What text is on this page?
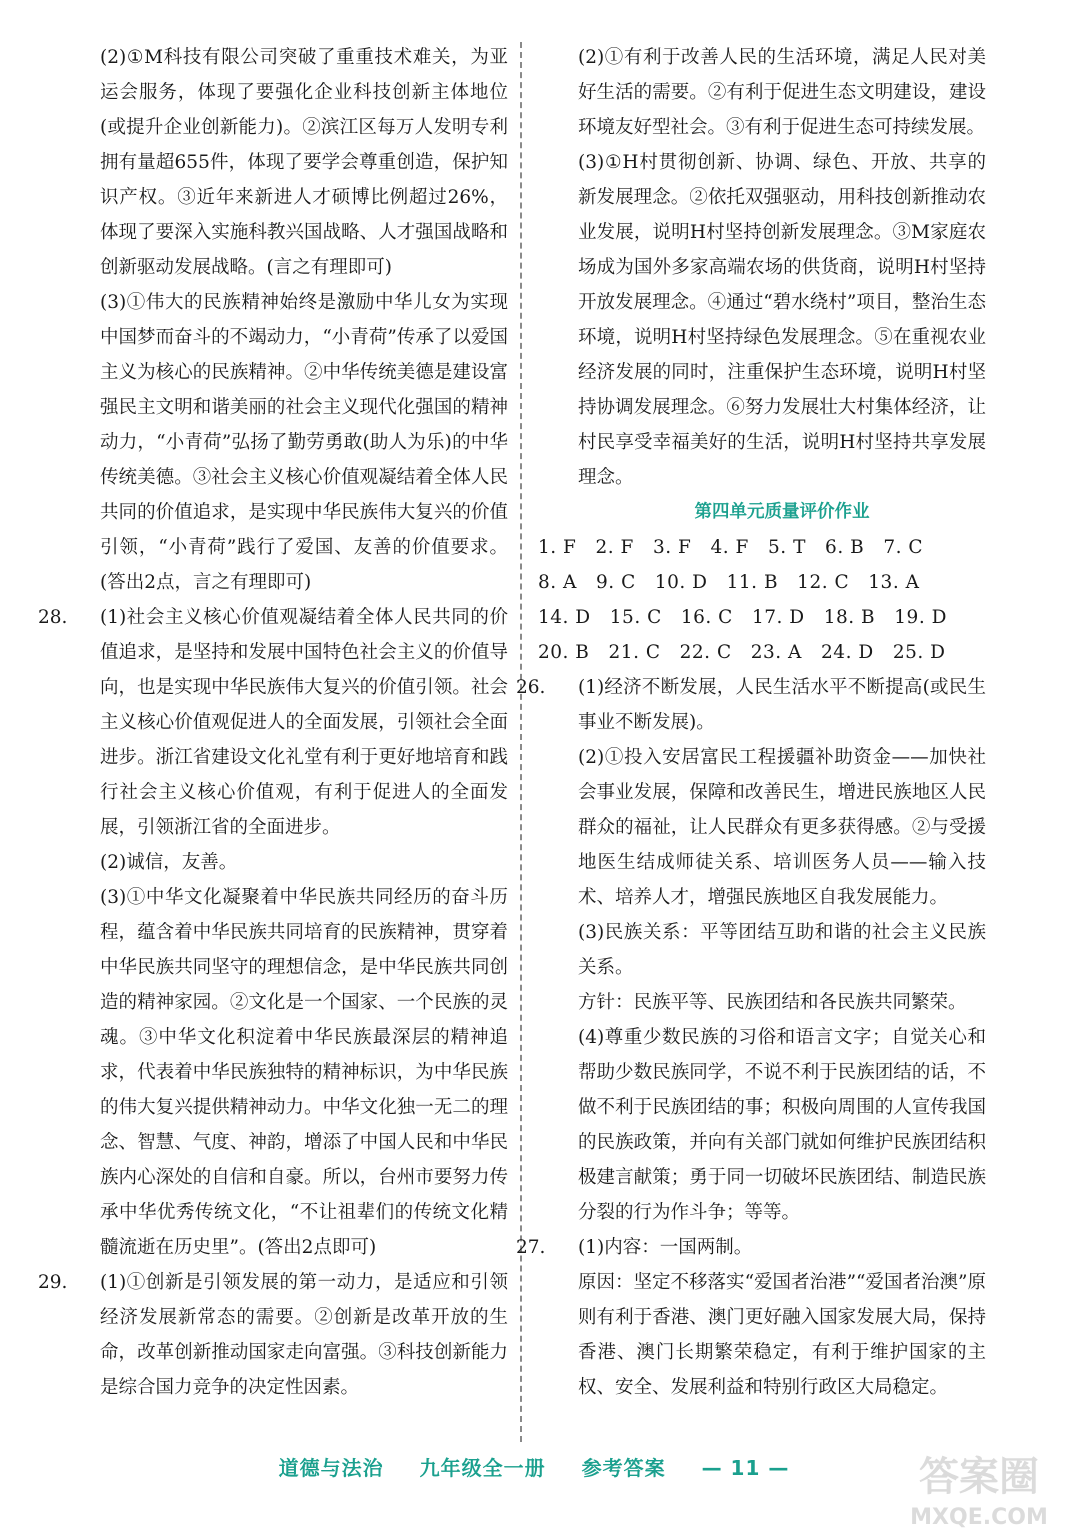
(2)①M科技有限公司突破了重重技术难关，为亚运会服务，体现了要强化企业科技创新主体地位(或提升企业创新能力)。②滨江区每万人发明专利拥有量超655件，体现了要学会尊重创造，保护知识产权。③近年来新进人才硕博比例超过26%，体现了要深入实施科教兴国战略、人才强国战略和创新驱动发展战略。(言之有理即可)

(3)①伟大的民族精神始终是激励中华儿女为实现中国梦而奋斗的不竭动力，“小青荷”传承了以爱国主义为核心的民族精神。②中华传统美德是建设富强民主文明和谐美丽的社会主义现代化强国的精神动力，“小青荷”弘扬了勤劳勇敢(助人为乐)的中华传统美德。③社会主义核心价值观凝结着全体人民共同的价值追求，是实现中华民族伟大复兴的价值引领，“小青荷”践行了爱国、友善的价值要求。(答出2点，言之有理即可)

28.	(1)社会主义核心价值观凝结着全体人民共同的价值追求，是坚持和发展中国特色社会主义的价值导向，也是实现中华民族伟大复兴的价值引领。社会主义核心价值观促进人的全面发展，引领社会全面进步。浙江省建设文化礼堂有利于更好地培育和践行社会主义核心价值观，有利于促进人的全面发展，引领浙江省的全面进步。

(2)诚信，友善。

(3)①中华文化凝聚着中华民族共同经历的奋斗历程，蕴含着中华民族共同培育的民族精神，贯穿着中华民族共同坚守的理想信念，是中华民族共同创造的精神家园。②文化是一个国家、一个民族的灵魂。③中华文化积淀着中华民族最深层的精神追求，代表着中华民族独特的精神标识，为中华民族的伟大复兴提供精神动力。中华文化独一无二的理念、智慧、气度、神韵，增添了中国人民和中华民族内心深处的自信和自豪。所以，台州市要努力传承中华优秀传统文化，“不让祖辈们的传统文化精髓流逝在历史里”。(答出2点即可)

29.	(1)①创新是引领发展的第一动力，是适应和引领经济发展新常态的需要。②创新是改革开放的生命，改革创新推动国家走向富强。③科技创新能力是综合国力竞争的决定性因素。

(2)①有利于改善人民的生活环境，满足人民对美好生活的需要。②有利于促进生态文明建设，建设环境友好型社会。③有利于促进生态可持续发展。

(3)①H村贯彻创新、协调、绿色、开放、共享的新发展理念。②依托双强驱动，用科技创新推动农业发展，说明H村坚持创新发展理念。③M家庭农场成为国外多家高端农场的供货商，说明H村坚持开放发展理念。④通过“碧水绕村”项目，整治生态环境，说明H村坚持绿色发展理念。⑤在重视农业经济发展的同时，注重保护生态环境，说明H村坚持协调发展理念。⑥努力发展壮大村集体经济，让村民享受幸福美好的生活，说明H村坚持共享发展理念。

第四单元质量评价作业

1. F   2. F   3. F   4. F   5. T   6. B   7. C

8. A   9. C   10. D   11. B   12. C   13. A

14. D   15. C   16. C   17. D   18. B   19. D

20. B   21. C   22. C   23. A   24. D   25. D

26.	(1)经济不断发展，人民生活水平不断提高(或民生事业不断发展)。

(2)①投入安居富民工程援疆补助资金——加快社会事业发展，保障和改善民生，增进民族地区人民群众的福祉，让人民群众有更多获得感。②与受援地医生结成师徒关系、培训医务人员——输入技术、培养人才，增强民族地区自我发展能力。

(3)民族关系：平等团结互助和谐的社会主义民族关系。

方针：民族平等、民族团结和各民族共同繁荣。

(4)尊重少数民族的习俗和语言文字；自觉关心和帮助少数民族同学，不说不利于民族团结的话，不做不利于民族团结的事；积极向周围的人宣传我国的民族政策，并向有关部门就如何维护民族团结积极建言献策；勇于同一切破坏民族团结、制造民族分裂的行为作斗争；等等。

27.	(1)内容：一国两制。

原因：坚定不移落实“爱国者治港”“爱国者治澳”原则有利于香港、澳门更好融入国家发展大局，保持香港、澳门长期繁荣稳定，有利于维护国家的主权、安全、发展利益和特别行政区大局稳定。

道德与法治 九年级全一册 参考答案 — 11 —	答案圈
MXQE.COM
